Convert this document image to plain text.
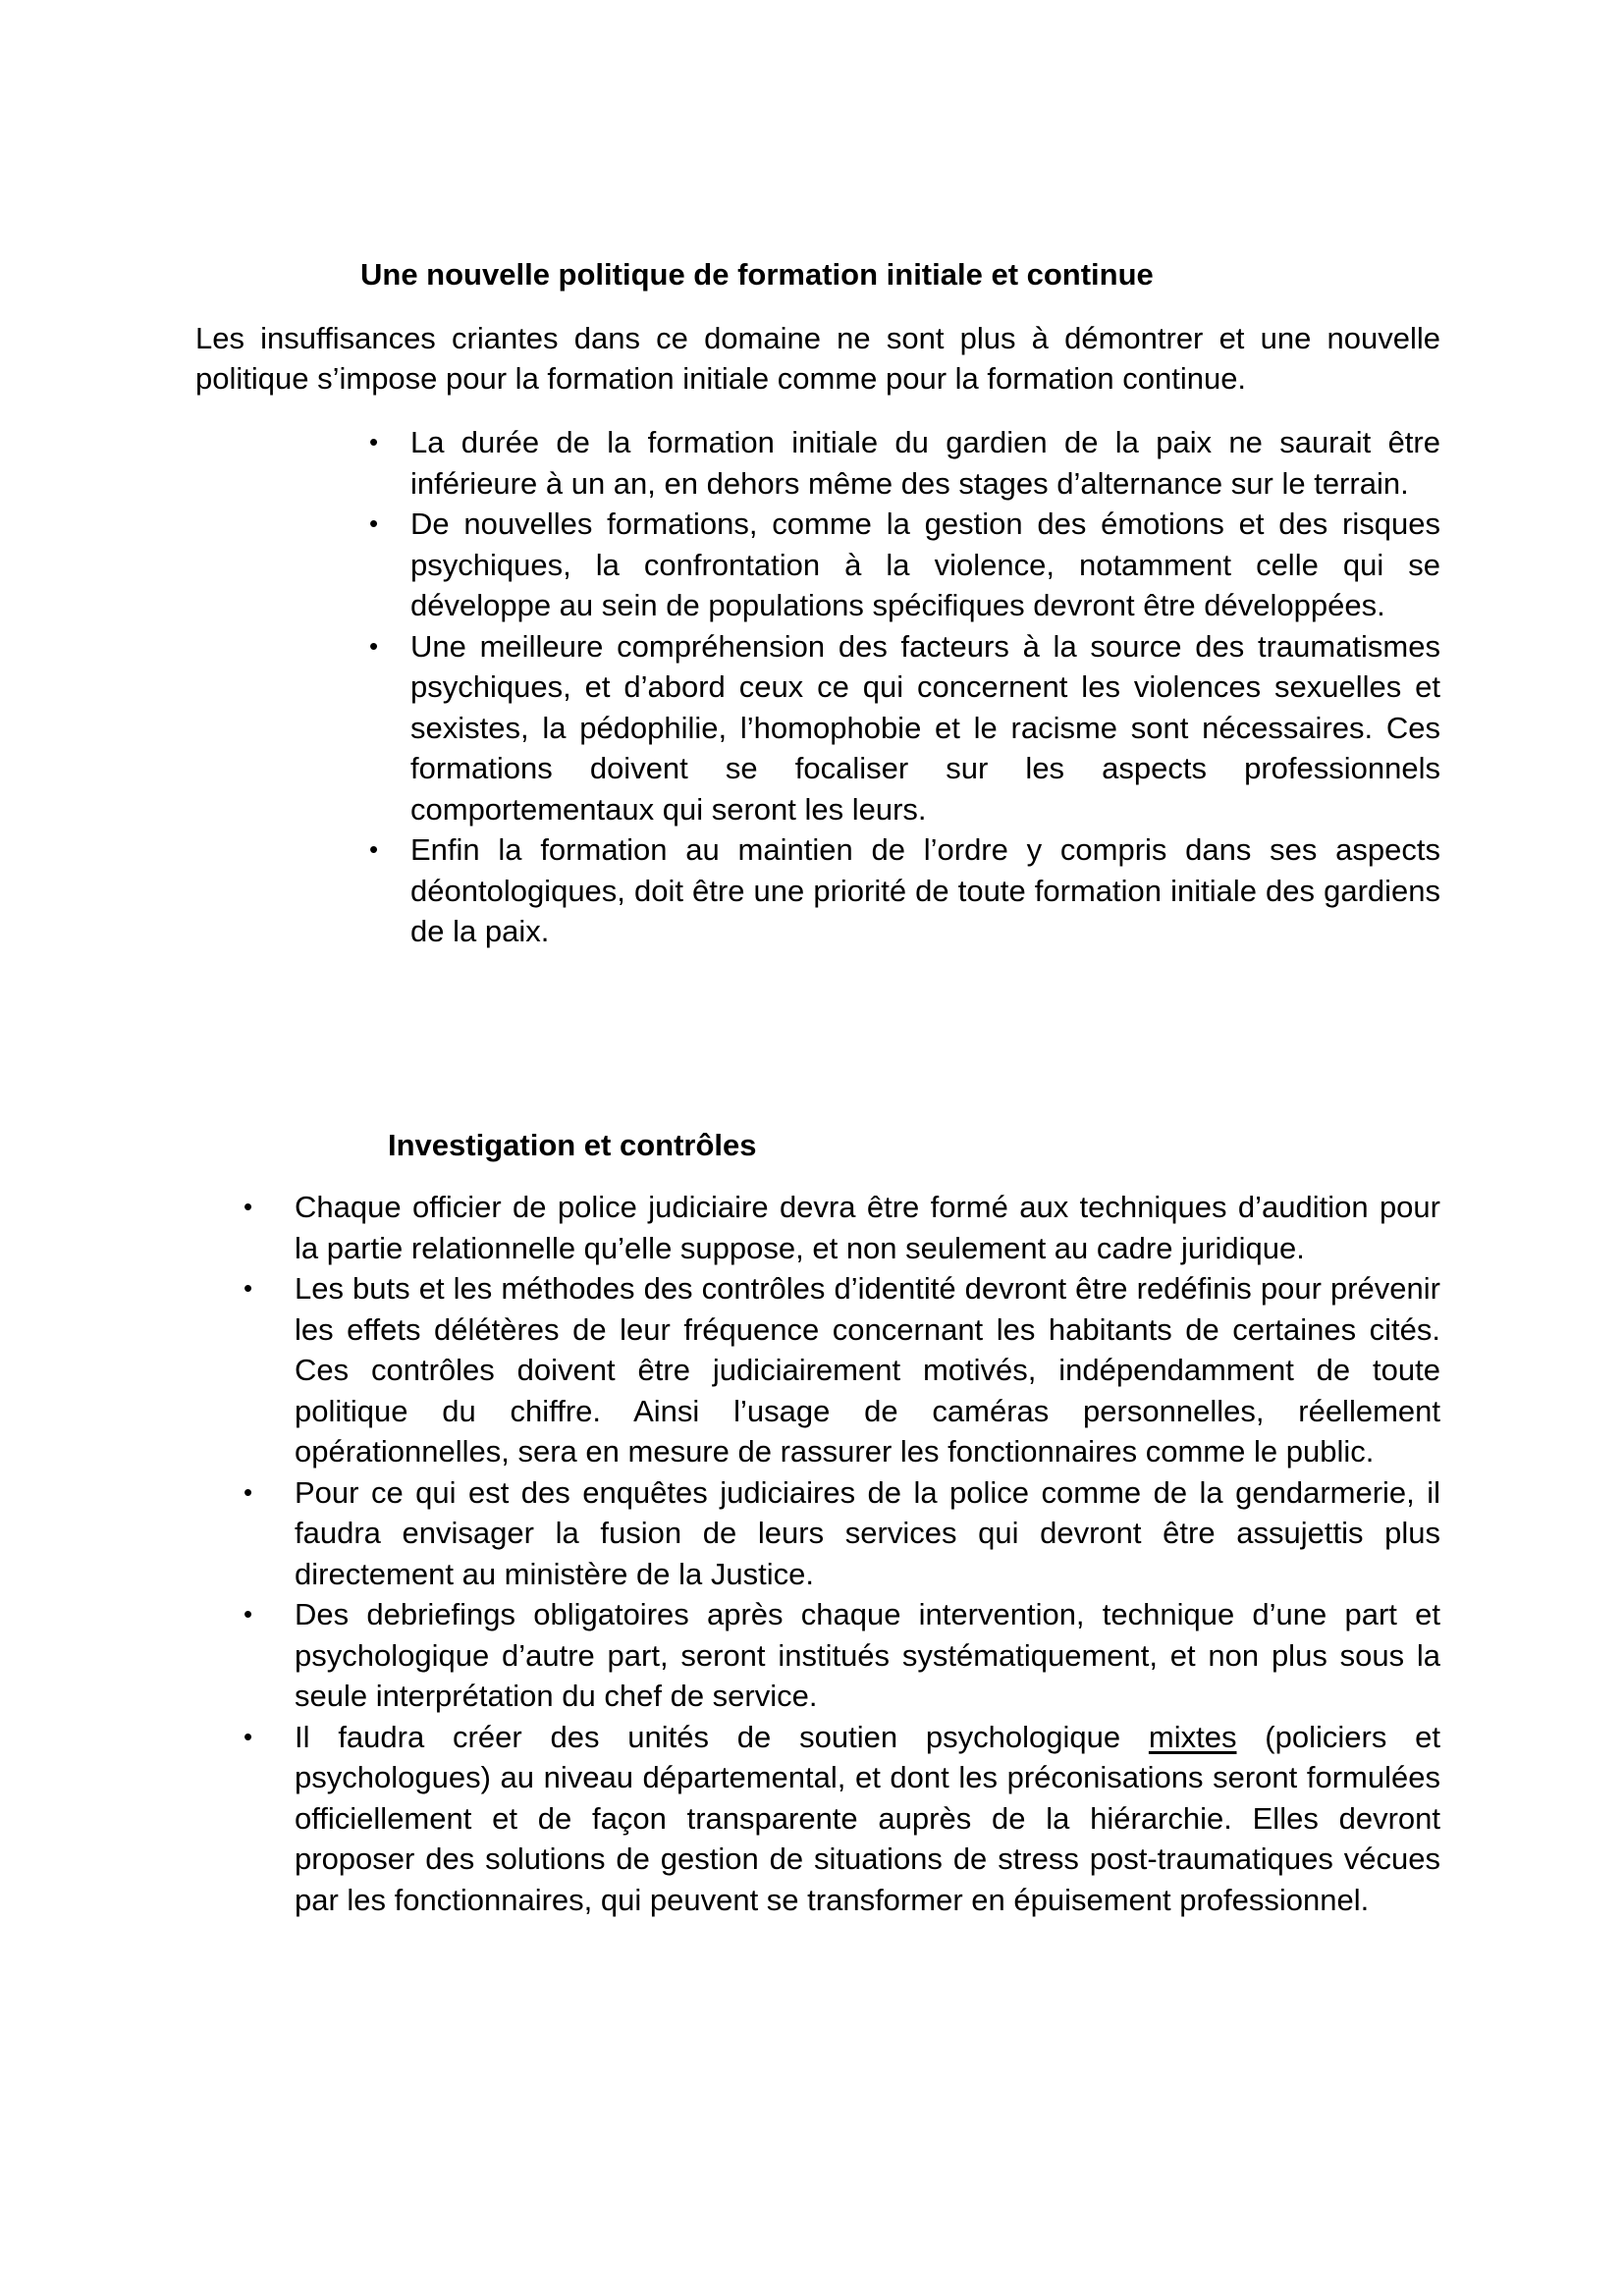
Une nouvelle politique de formation initiale et continue

Les insuffisances criantes dans ce domaine ne sont plus à démontrer et une nouvelle politique s’impose pour la formation initiale comme pour la formation continue.

• La durée de la formation initiale du gardien de la paix ne saurait être inférieure à un an, en dehors même des stages d’alternance sur le terrain.
• De nouvelles formations, comme la gestion des émotions et des risques psychiques, la confrontation à la violence, notamment celle qui se développe au sein de populations spécifiques devront être développées.
• Une meilleure compréhension des facteurs à la source des traumatismes psychiques, et d’abord ceux ce qui concernent les violences sexuelles et sexistes, la pédophilie, l’homophobie et le racisme sont nécessaires. Ces formations doivent se focaliser sur les aspects professionnels comportementaux qui seront les leurs.
• Enfin la formation au maintien de l’ordre y compris dans ses aspects déontologiques, doit être une priorité de toute formation initiale des gardiens de la paix.
Investigation et contrôles
• Chaque officier de police judiciaire devra être formé aux techniques d’audition pour la partie relationnelle qu’elle suppose, et non seulement au cadre juridique.
• Les buts et les méthodes des contrôles d’identité devront être redéfinis pour prévenir les effets délétères de leur fréquence concernant les habitants de certaines cités. Ces contrôles doivent être judiciairement motivés, indépendamment de toute politique du chiffre. Ainsi l’usage de caméras personnelles, réellement opérationnelles, sera en mesure de rassurer les fonctionnaires comme le public.
• Pour ce qui est des enquêtes judiciaires de la police comme de la gendarmerie, il faudra envisager la fusion de leurs services qui devront être assujettis plus directement au ministère de la Justice.
• Des debriefings obligatoires après chaque intervention, technique d’une part et psychologique d’autre part, seront institués systématiquement, et non plus sous la seule interprétation du chef de service.
• Il faudra créer des unités de soutien psychologique mixtes (policiers et psychologues) au niveau départemental, et dont les préconisations seront formulées officiellement et de façon transparente auprès de la hiérarchie. Elles devront proposer des solutions de gestion de situations de stress post-traumatiques vécues par les fonctionnaires, qui peuvent se transformer en épuisement professionnel.
